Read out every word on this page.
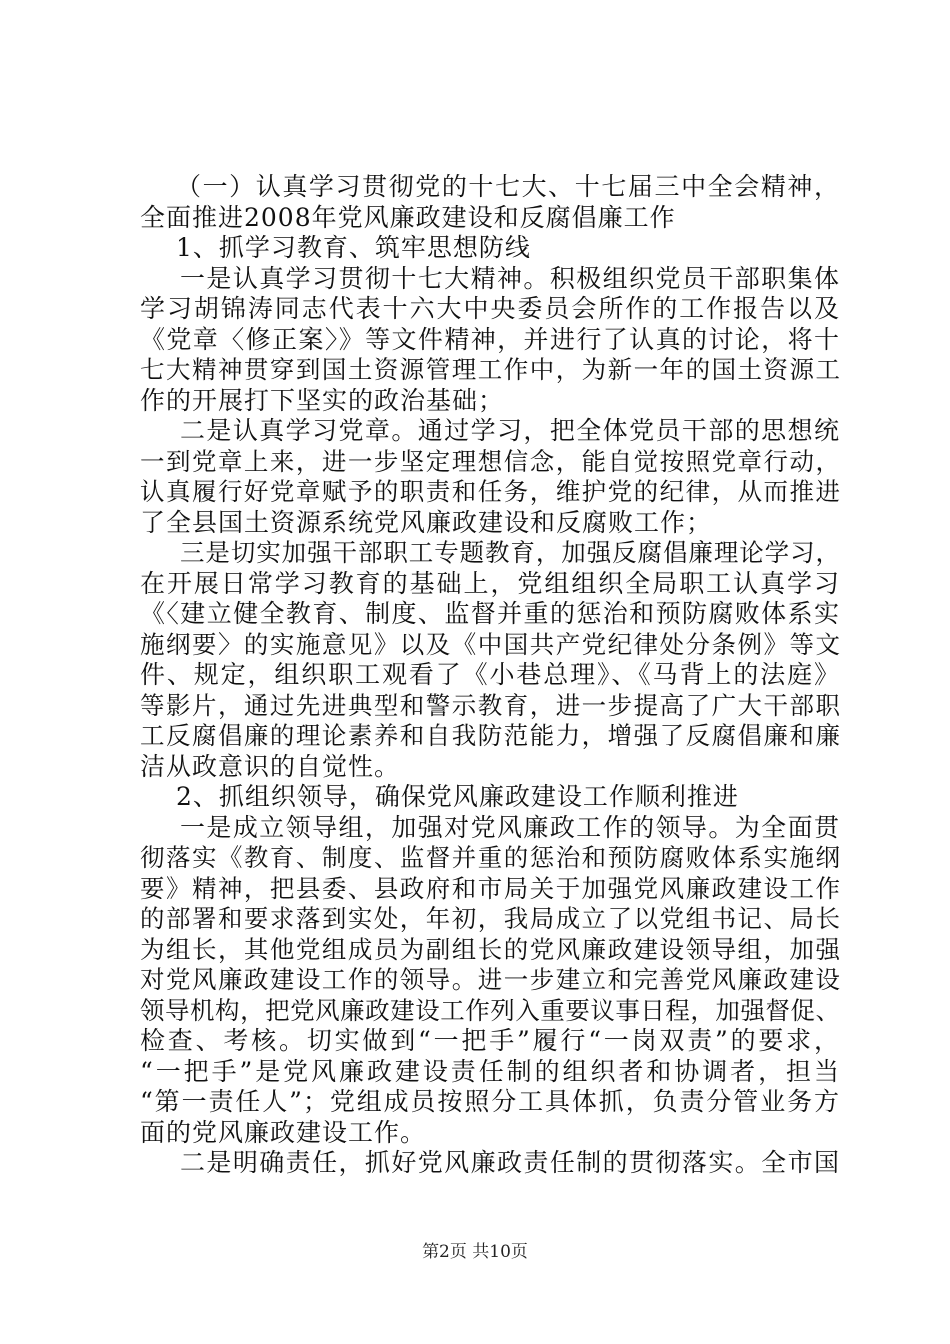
（一）认真学习贯彻党的十七大、十七届三中全会精神，
全面推进2008年党风廉政建设和反腐倡廉工作
1、抓学习教育、筑牢思想防线
一是认真学习贯彻十七大精神。积极组织党员干部职集体
学习胡锦涛同志代表十六大中央委员会所作的工作报告以及
《党章〈修正案〉》等文件精神，并进行了认真的讨论，将十
七大精神贯穿到国土资源管理工作中，为新一年的国土资源工
作的开展打下坚实的政治基础；
二是认真学习党章。通过学习，把全体党员干部的思想统
一到党章上来，进一步坚定理想信念，能自觉按照党章行动，
认真履行好党章赋予的职责和任务，维护党的纪律，从而推进
了全县国土资源系统党风廉政建设和反腐败工作；
三是切实加强干部职工专题教育，加强反腐倡廉理论学习，
在开展日常学习教育的基础上，党组组织全局职工认真学习
《〈建立健全教育、制度、监督并重的惩治和预防腐败体系实
施纲要〉的实施意见》以及《中国共产党纪律处分条例》等文
件、规定，组织职工观看了《小巷总理》、《马背上的法庭》
等影片，通过先进典型和警示教育，进一步提高了广大干部职
工反腐倡廉的理论素养和自我防范能力，增强了反腐倡廉和廉
洁从政意识的自觉性。
2、抓组织领导，确保党风廉政建设工作顺利推进
一是成立领导组，加强对党风廉政工作的领导。为全面贯
彻落实《教育、制度、监督并重的惩治和预防腐败体系实施纲
要》精神，把县委、县政府和市局关于加强党风廉政建设工作
的部署和要求落到实处，年初，我局成立了以党组书记、局长
为组长，其他党组成员为副组长的党风廉政建设领导组，加强
对党风廉政建设工作的领导。进一步建立和完善党风廉政建设
领导机构，把党风廉政建设工作列入重要议事日程，加强督促、
检查、考核。切实做到“一把手”履行“一岗双责”的要求，
“一把手”是党风廉政建设责任制的组织者和协调者，担当
“第一责任人”；党组成员按照分工具体抓，负责分管业务方
面的党风廉政建设工作。
二是明确责任，抓好党风廉政责任制的贯彻落实。全市国
第2页 共10页
